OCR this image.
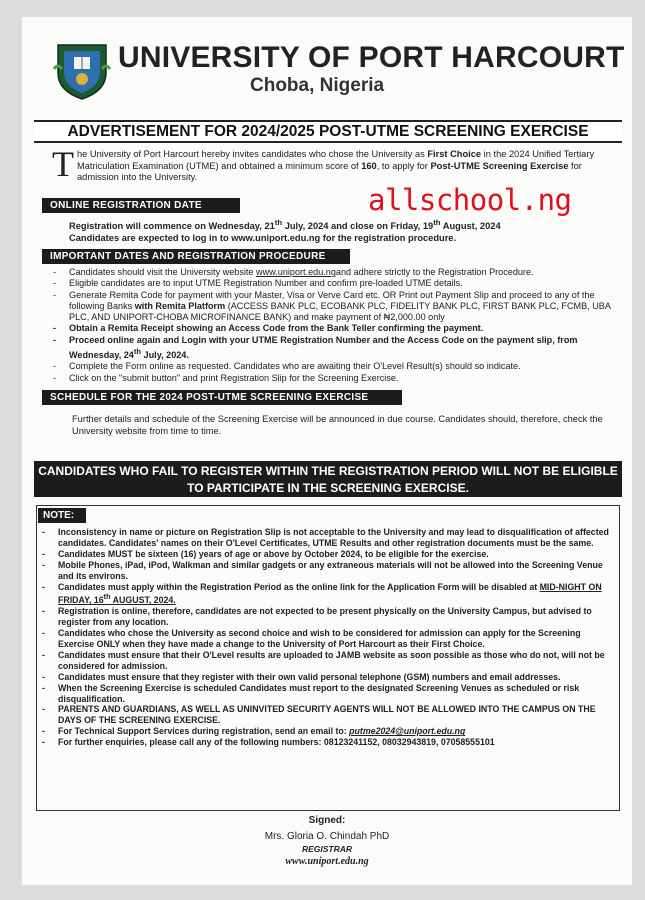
UNIVERSITY OF PORT HARCOURT
Choba, Nigeria
ADVERTISEMENT FOR 2024/2025 POST-UTME SCREENING EXERCISE
T he University of Port Harcourt hereby invites candidates who chose the University as First Choice in the 2024 Unified Tertiary Matriculation Examination (UTME) and obtained a minimum score of 160, to apply for Post-UTME Screening Exercise for admission into the University.
ONLINE REGISTRATION DATE	allschool.ng
Registration will commence on Wednesday, 21th July, 2024 and close on Friday, 19th August, 2024
Candidates are expected to log in to www.uniport.edu.ng for the registration procedure.
IMPORTANT DATES AND REGISTRATION PROCEDURE
- Candidates should visit the University website www.uniport.edu.ngand adhere strictly to the Registration Procedure.
- Eligible candidates are to input UTME Registration Number and confirm pre-loaded UTME details.
- Generate Remita Code for payment with your Master, Visa or Verve Card etc. OR Print out Payment Slip and proceed to any of the following Banks with Remita Platform (ACCESS BANK PLC, ECOBANK PLC, FIDELITY BANK PLC, FIRST BANK PLC, FCMB, UBA PLC, AND UNIPORT-CHOBA MICROFINANCE BANK) and make payment of ₦2,000.00 only
- Obtain a Remita Receipt showing an Access Code from the Bank Teller confirming the payment.
- Proceed online again and Login with your UTME Registration Number and the Access Code on the payment slip, from Wednesday, 24th July, 2024.
- Complete the Form online as requested. Candidates who are awaiting their O'Level Result(s) should so indicate.
- Click on the "submit button" and print Registration Slip for the Screening Exercise.
SCHEDULE FOR THE 2024 POST-UTME SCREENING EXERCISE
Further details and schedule of the Screening Exercise will be announced in due course. Candidates should, therefore, check the University website from time to time.
CANDIDATES WHO FAIL TO REGISTER WITHIN THE REGISTRATION PERIOD WILL NOT BE ELIGIBLE TO PARTICIPATE IN THE SCREENING EXERCISE.
NOTE:
- Inconsistency in name or picture on Registration Slip is not acceptable to the University and may lead to disqualification of affected candidates. Candidates' names on their O'Level Certificates, UTME Results and other registration documents must be the same.
- Candidates MUST be sixteen (16) years of age or above by October 2024, to be eligible for the exercise.
- Mobile Phones, iPad, iPod, Walkman and similar gadgets or any extraneous materials will not be allowed into the Screening Venue and its environs.
- Candidates must apply within the Registration Period as the online link for the Application Form will be disabled at MID-NIGHT ON FRIDAY, 16th AUGUST, 2024.
- Registration is online, therefore, candidates are not expected to be present physically on the University Campus, but advised to register from any location.
- Candidates who chose the University as second choice and wish to be considered for admission can apply for the Screening Exercise ONLY when they have made a change to the University of Port Harcourt as their First Choice.
- Candidates must ensure that their O'Level results are uploaded to JAMB website as soon possible as those who do not, will not be considered for admission.
- Candidates must ensure that they register with their own valid personal telephone (GSM) numbers and email addresses.
- When the Screening Exercise is scheduled Candidates must report to the designated Screening Venues as scheduled or risk disqualification.
- PARENTS AND GUARDIANS, AS WELL AS UNINVITED SECURITY AGENTS WILL NOT BE ALLOWED INTO THE CAMPUS ON THE DAYS OF THE SCREENING EXERCISE.
- For Technical Support Services during registration, send an email to: putme2024@uniport.edu.ng
- For further enquiries, please call any of the following numbers: 08123241152, 08032943819, 07058555101
Signed:
Mrs. Gloria O. Chindah PhD
REGISTRAR
www.uniport.edu.ng
